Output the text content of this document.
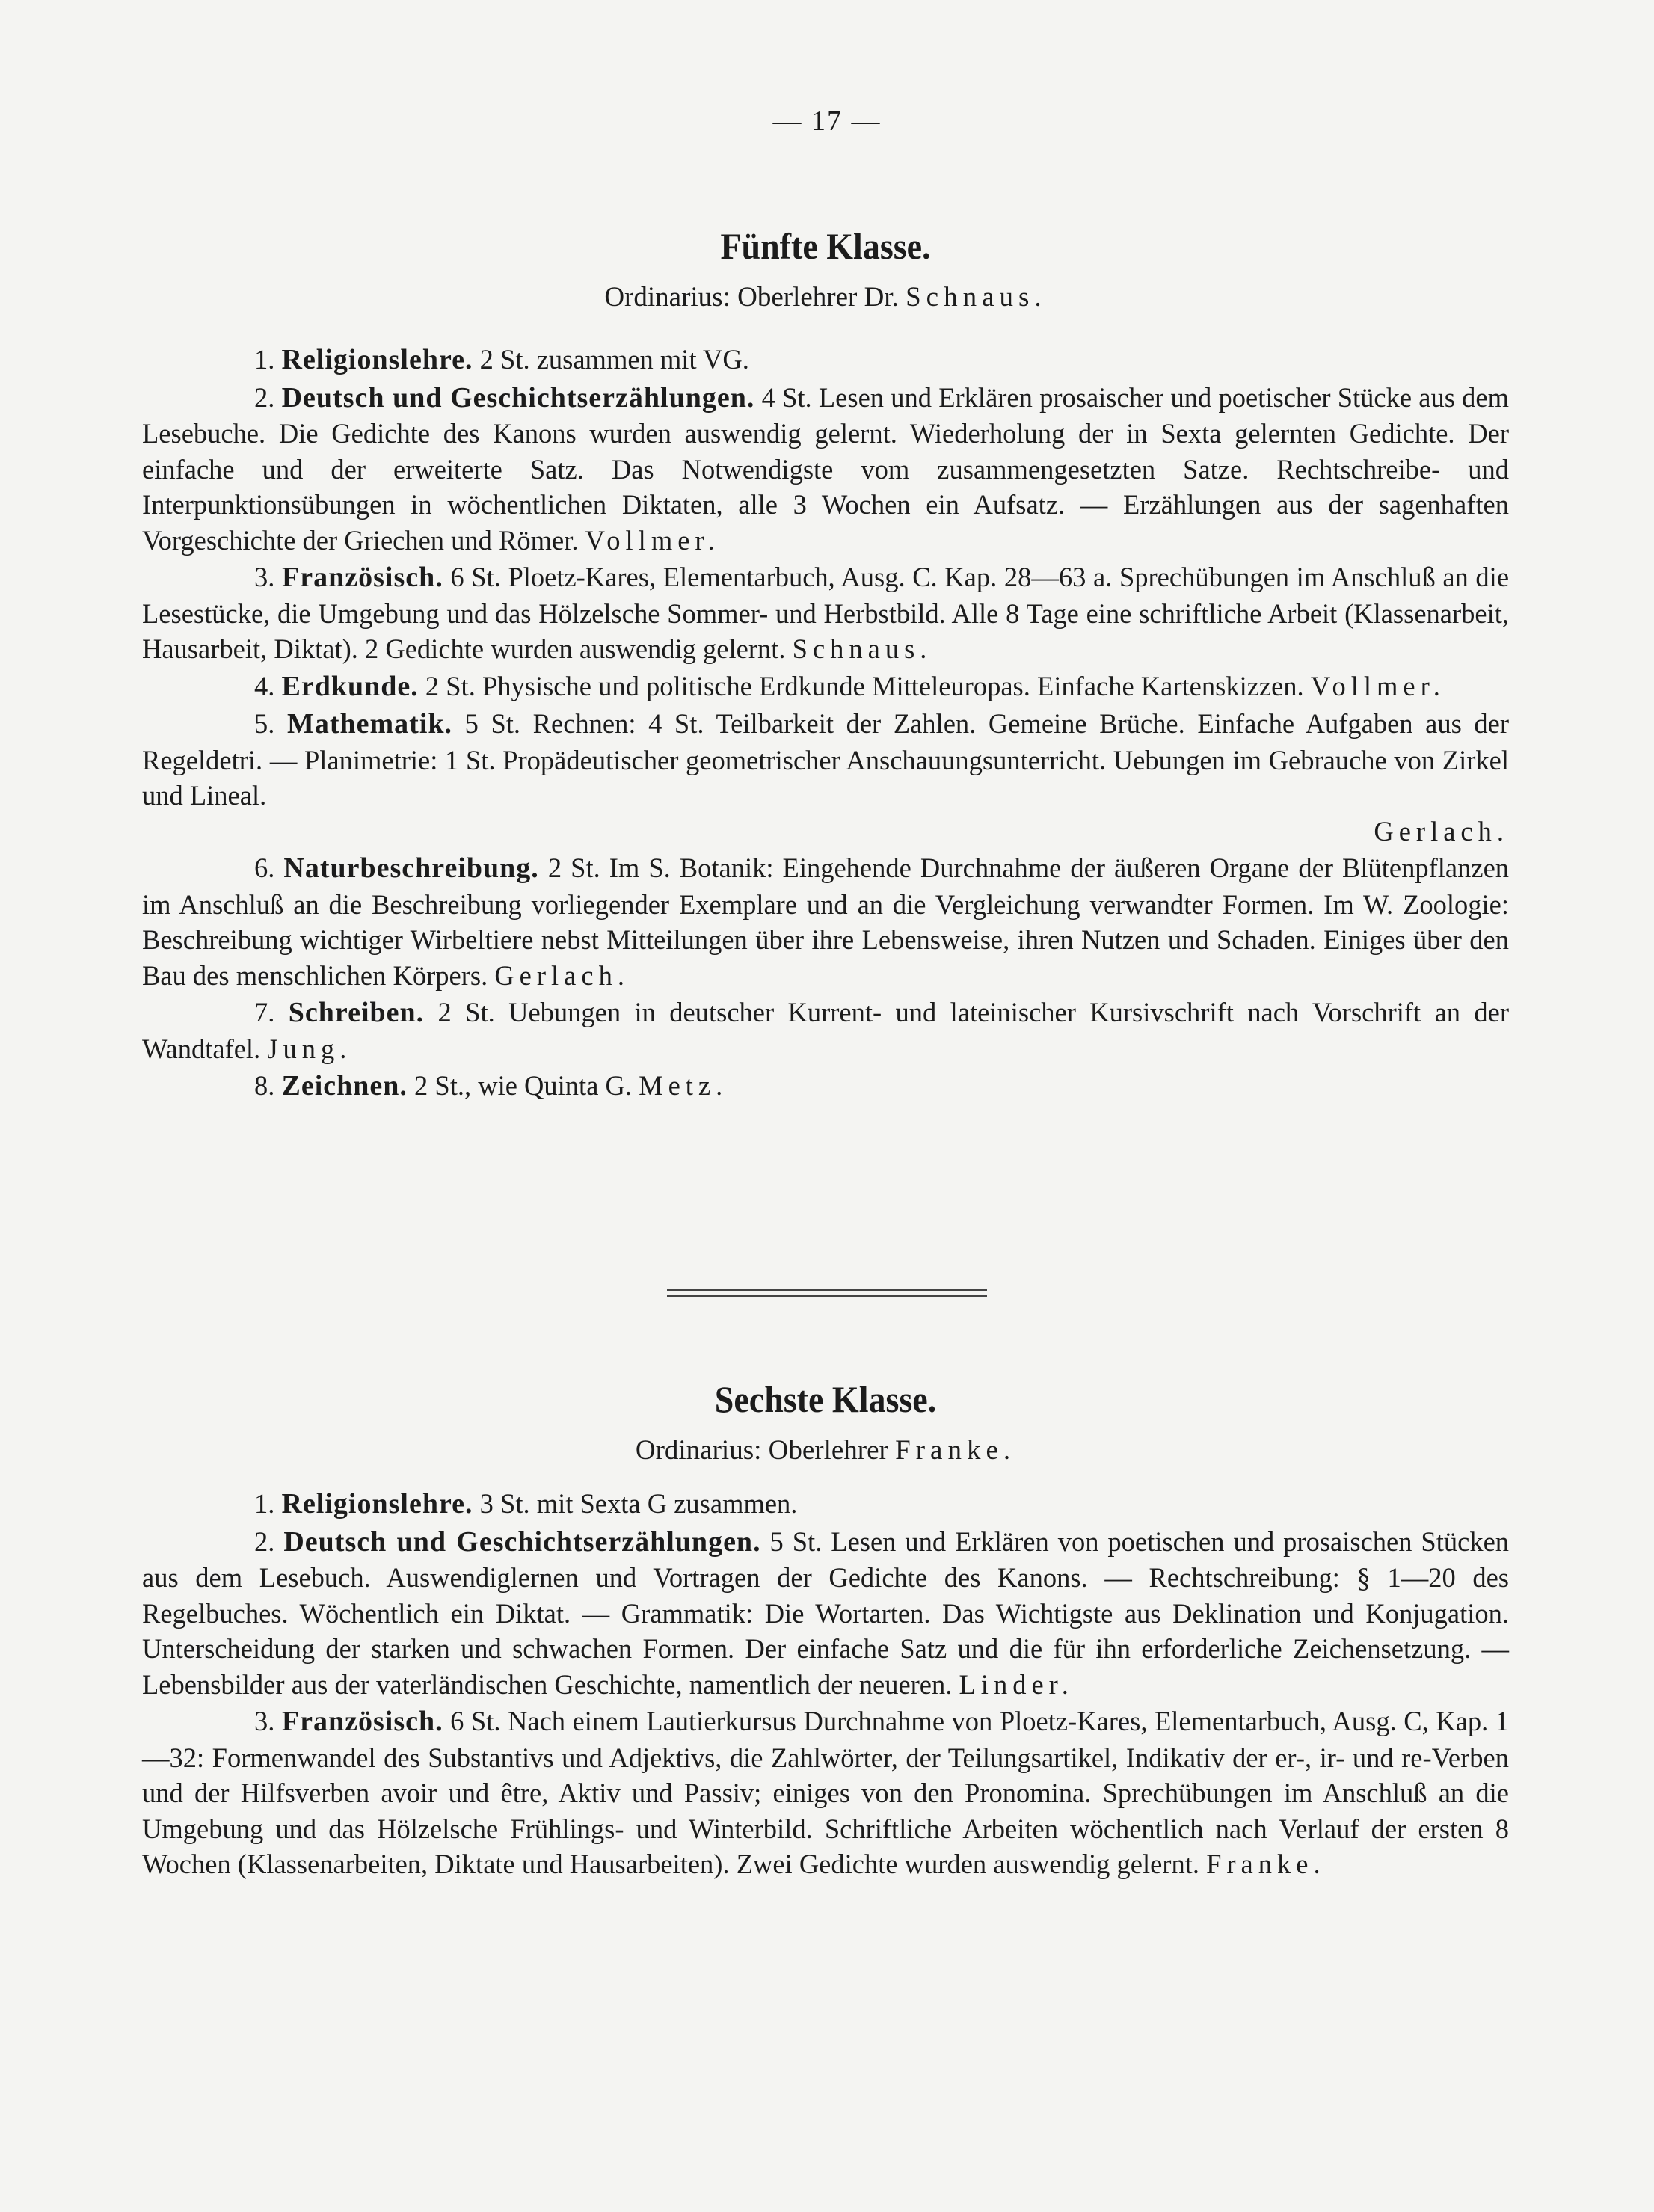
— 17 —
Fünfte Klasse.
Ordinarius: Oberlehrer Dr. Schnaus.

1. Religionslehre. 2 St. zusammen mit VG.

2. Deutsch und Geschichtserzählungen. 4 St. Lesen und Erklären prosaischer und poetischer Stücke aus dem Lesebuche. Die Gedichte des Kanons wurden auswendig gelernt. Wiederholung der in Sexta gelernten Gedichte. Der einfache und der erweiterte Satz. Das Notwendigste vom zusammengesetzten Satze. Rechtschreibe- und Interpunktionsübungen in wöchentlichen Diktaten, alle 3 Wochen ein Aufsatz. — Erzählungen aus der sagenhaften Vorgeschichte der Griechen und Römer. Vollmer.

3. Französisch. 6 St. Ploetz-Kares, Elementarbuch, Ausg. C. Kap. 28—63 a. Sprechübungen im Anschluß an die Lesestücke, die Umgebung und das Hölzelsche Sommer- und Herbstbild. Alle 8 Tage eine schriftliche Arbeit (Klassenarbeit, Hausarbeit, Diktat). 2 Gedichte wurden auswendig gelernt. Schnaus.

4. Erdkunde. 2 St. Physische und politische Erdkunde Mitteleuropas. Einfache Kartenskizzen. Vollmer.

5. Mathematik. 5 St. Rechnen: 4 St. Teilbarkeit der Zahlen. Gemeine Brüche. Einfache Aufgaben aus der Regeldetri. — Planimetrie: 1 St. Propädeutischer geometrischer Anschauungsunterricht. Uebungen im Gebrauche von Zirkel und Lineal.

Gerlach.

6. Naturbeschreibung. 2 St. Im S. Botanik: Eingehende Durchnahme der äußeren Organe der Blütenpflanzen im Anschluß an die Beschreibung vorliegender Exemplare und an die Vergleichung verwandter Formen. Im W. Zoologie: Beschreibung wichtiger Wirbeltiere nebst Mitteilungen über ihre Lebensweise, ihren Nutzen und Schaden. Einiges über den Bau des menschlichen Körpers. Gerlach.

7. Schreiben. 2 St. Uebungen in deutscher Kurrent- und lateinischer Kursivschrift nach Vorschrift an der Wandtafel. Jung.

8. Zeichnen. 2 St., wie Quinta G. Metz.

Sechste Klasse.
Ordinarius: Oberlehrer Franke.

1. Religionslehre. 3 St. mit Sexta G zusammen.

2. Deutsch und Geschichtserzählungen. 5 St. Lesen und Erklären von poetischen und prosaischen Stücken aus dem Lesebuch. Auswendiglernen und Vortragen der Gedichte des Kanons. — Rechtschreibung: § 1—20 des Regelbuches. Wöchentlich ein Diktat. — Grammatik: Die Wortarten. Das Wichtigste aus Deklination und Konjugation. Unterscheidung der starken und schwachen Formen. Der einfache Satz und die für ihn erforderliche Zeichensetzung. — Lebensbilder aus der vaterländischen Geschichte, namentlich der neueren. Linder.

3. Französisch. 6 St. Nach einem Lautierkursus Durchnahme von Ploetz-Kares, Elementarbuch, Ausg. C, Kap. 1—32: Formenwandel des Substantivs und Adjektivs, die Zahlwörter, der Teilungsartikel, Indikativ der er-, ir- und re-Verben und der Hilfsverben avoir und être, Aktiv und Passiv; einiges von den Pronomina. Sprechübungen im Anschluß an die Umgebung und das Hölzelsche Frühlings- und Winterbild. Schriftliche Arbeiten wöchentlich nach Verlauf der ersten 8 Wochen (Klassenarbeiten, Diktate und Hausarbeiten). Zwei Gedichte wurden auswendig gelernt. Franke.
